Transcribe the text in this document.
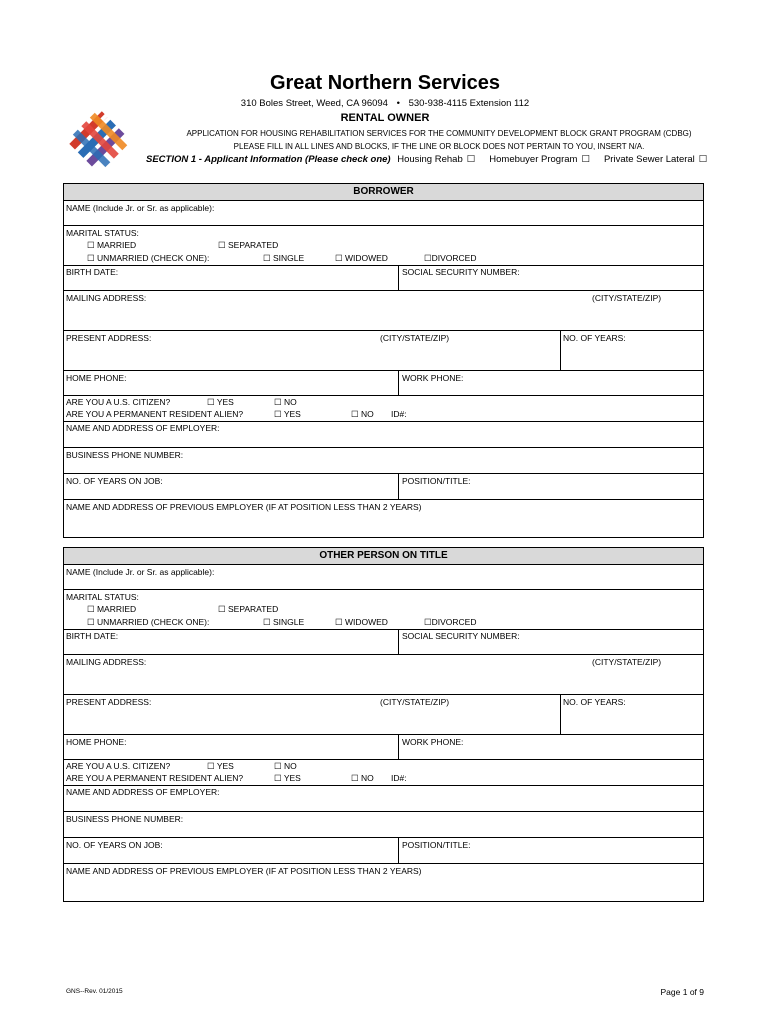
Great Northern Services
310 Boles Street, Weed, CA 96094 • 530-938-4115 Extension 112
RENTAL OWNER
APPLICATION FOR HOUSING REHABILITATION SERVICES FOR THE COMMUNITY DEVELOPMENT BLOCK GRANT PROGRAM (CDBG)
PLEASE FILL IN ALL LINES AND BLOCKS, IF THE LINE OR BLOCK DOES NOT PERTAIN TO YOU, INSERT N/A.
SECTION 1 - Applicant Information (Please check one) Housing Rehab ☐ Homebuyer Program ☐ Private Sewer Lateral ☐
BORROWER
NAME (Include Jr. or Sr. as applicable):
MARITAL STATUS:
☐ MARRIED	☐ SEPARATED
☐ UNMARRIED (CHECK ONE):	☐ SINGLE	☐ WIDOWED	☐DIVORCED
BIRTH DATE:	SOCIAL SECURITY NUMBER:
MAILING ADDRESS:	(CITY/STATE/ZIP)
PRESENT ADDRESS:	(CITY/STATE/ZIP)	NO. OF YEARS:
HOME PHONE:	WORK PHONE:
ARE YOU A U.S. CITIZEN?	☐ YES	☐ NO
ARE YOU A PERMANENT RESIDENT ALIEN?	☐ YES	☐ NO ID#:
NAME AND ADDRESS OF EMPLOYER:
BUSINESS PHONE NUMBER:
NO. OF YEARS ON JOB:	POSITION/TITLE:
NAME AND ADDRESS OF PREVIOUS EMPLOYER (IF AT POSITION LESS THAN 2 YEARS)
OTHER PERSON ON TITLE
NAME (Include Jr. or Sr. as applicable):
MARITAL STATUS:
☐ MARRIED	☐ SEPARATED
☐ UNMARRIED (CHECK ONE):	☐ SINGLE	☐ WIDOWED	☐DIVORCED
BIRTH DATE:	SOCIAL SECURITY NUMBER:
MAILING ADDRESS:	(CITY/STATE/ZIP)
PRESENT ADDRESS:	(CITY/STATE/ZIP)	NO. OF YEARS:
HOME PHONE:	WORK PHONE:
ARE YOU A U.S. CITIZEN?	☐ YES	☐ NO
ARE YOU A PERMANENT RESIDENT ALIEN?	☐ YES	☐ NO ID#:
NAME AND ADDRESS OF EMPLOYER:
BUSINESS PHONE NUMBER:
NO. OF YEARS ON JOB:	POSITION/TITLE:
NAME AND ADDRESS OF PREVIOUS EMPLOYER (IF AT POSITION LESS THAN 2 YEARS)
GNS--Rev. 01/2015	Page 1 of 9
